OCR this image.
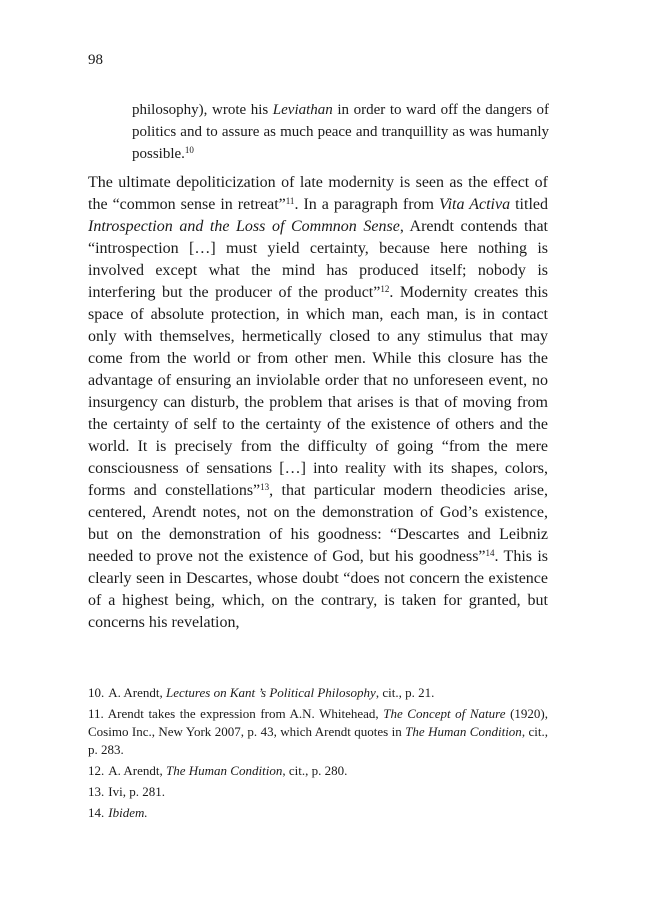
98
philosophy), wrote his Leviathan in order to ward off the dangers of politics and to assure as much peace and tranquillity as was humanly possible.$^{10}$

The ultimate depoliticization of late modernity is seen as the effect of the “common sense in retreat”$^{11}$. In a paragraph from Vita Activa titled Introspection and the Loss of Commnon Sense, Arendt contends that “introspection […] must yield certainty, because here nothing is involved except what the mind has produced itself; nobody is interfering but the producer of the product”$^{12}$. Modernity creates this space of absolute protection, in which man, each man, is in contact only with themselves, hermetically closed to any stimulus that may come from the world or from other men. While this closure has the advantage of ensuring an inviolable order that no unforeseen event, no insurgency can disturb, the problem that arises is that of moving from the certainty of self to the certainty of the existence of others and the world. It is precisely from the difficulty of going “from the mere consciousness of sensations […] into reality with its shapes, colors, forms and constellations”$^{13}$, that particular modern theodicies arise, centered, Arendt notes, not on the demonstration of God’s existence, but on the demonstration of his goodness: “Descartes and Leibniz needed to prove not the existence of God, but his goodness”$^{14}$. This is clearly seen in Descartes, whose doubt “does not concern the existence of a highest being, which, on the contrary, is taken for granted, but concerns his revelation,

10. A. Arendt, Lectures on Kant ’s Political Philosophy, cit., p. 21.
11. Arendt takes the expression from A.N. Whitehead, The Concept of Nature (1920), Cosimo Inc., New York 2007, p. 43, which Arendt quotes in The Human Condition, cit., p. 283.
12. A. Arendt, The Human Condition, cit., p. 280.
13. Ivi, p. 281.
14. Ibidem.
